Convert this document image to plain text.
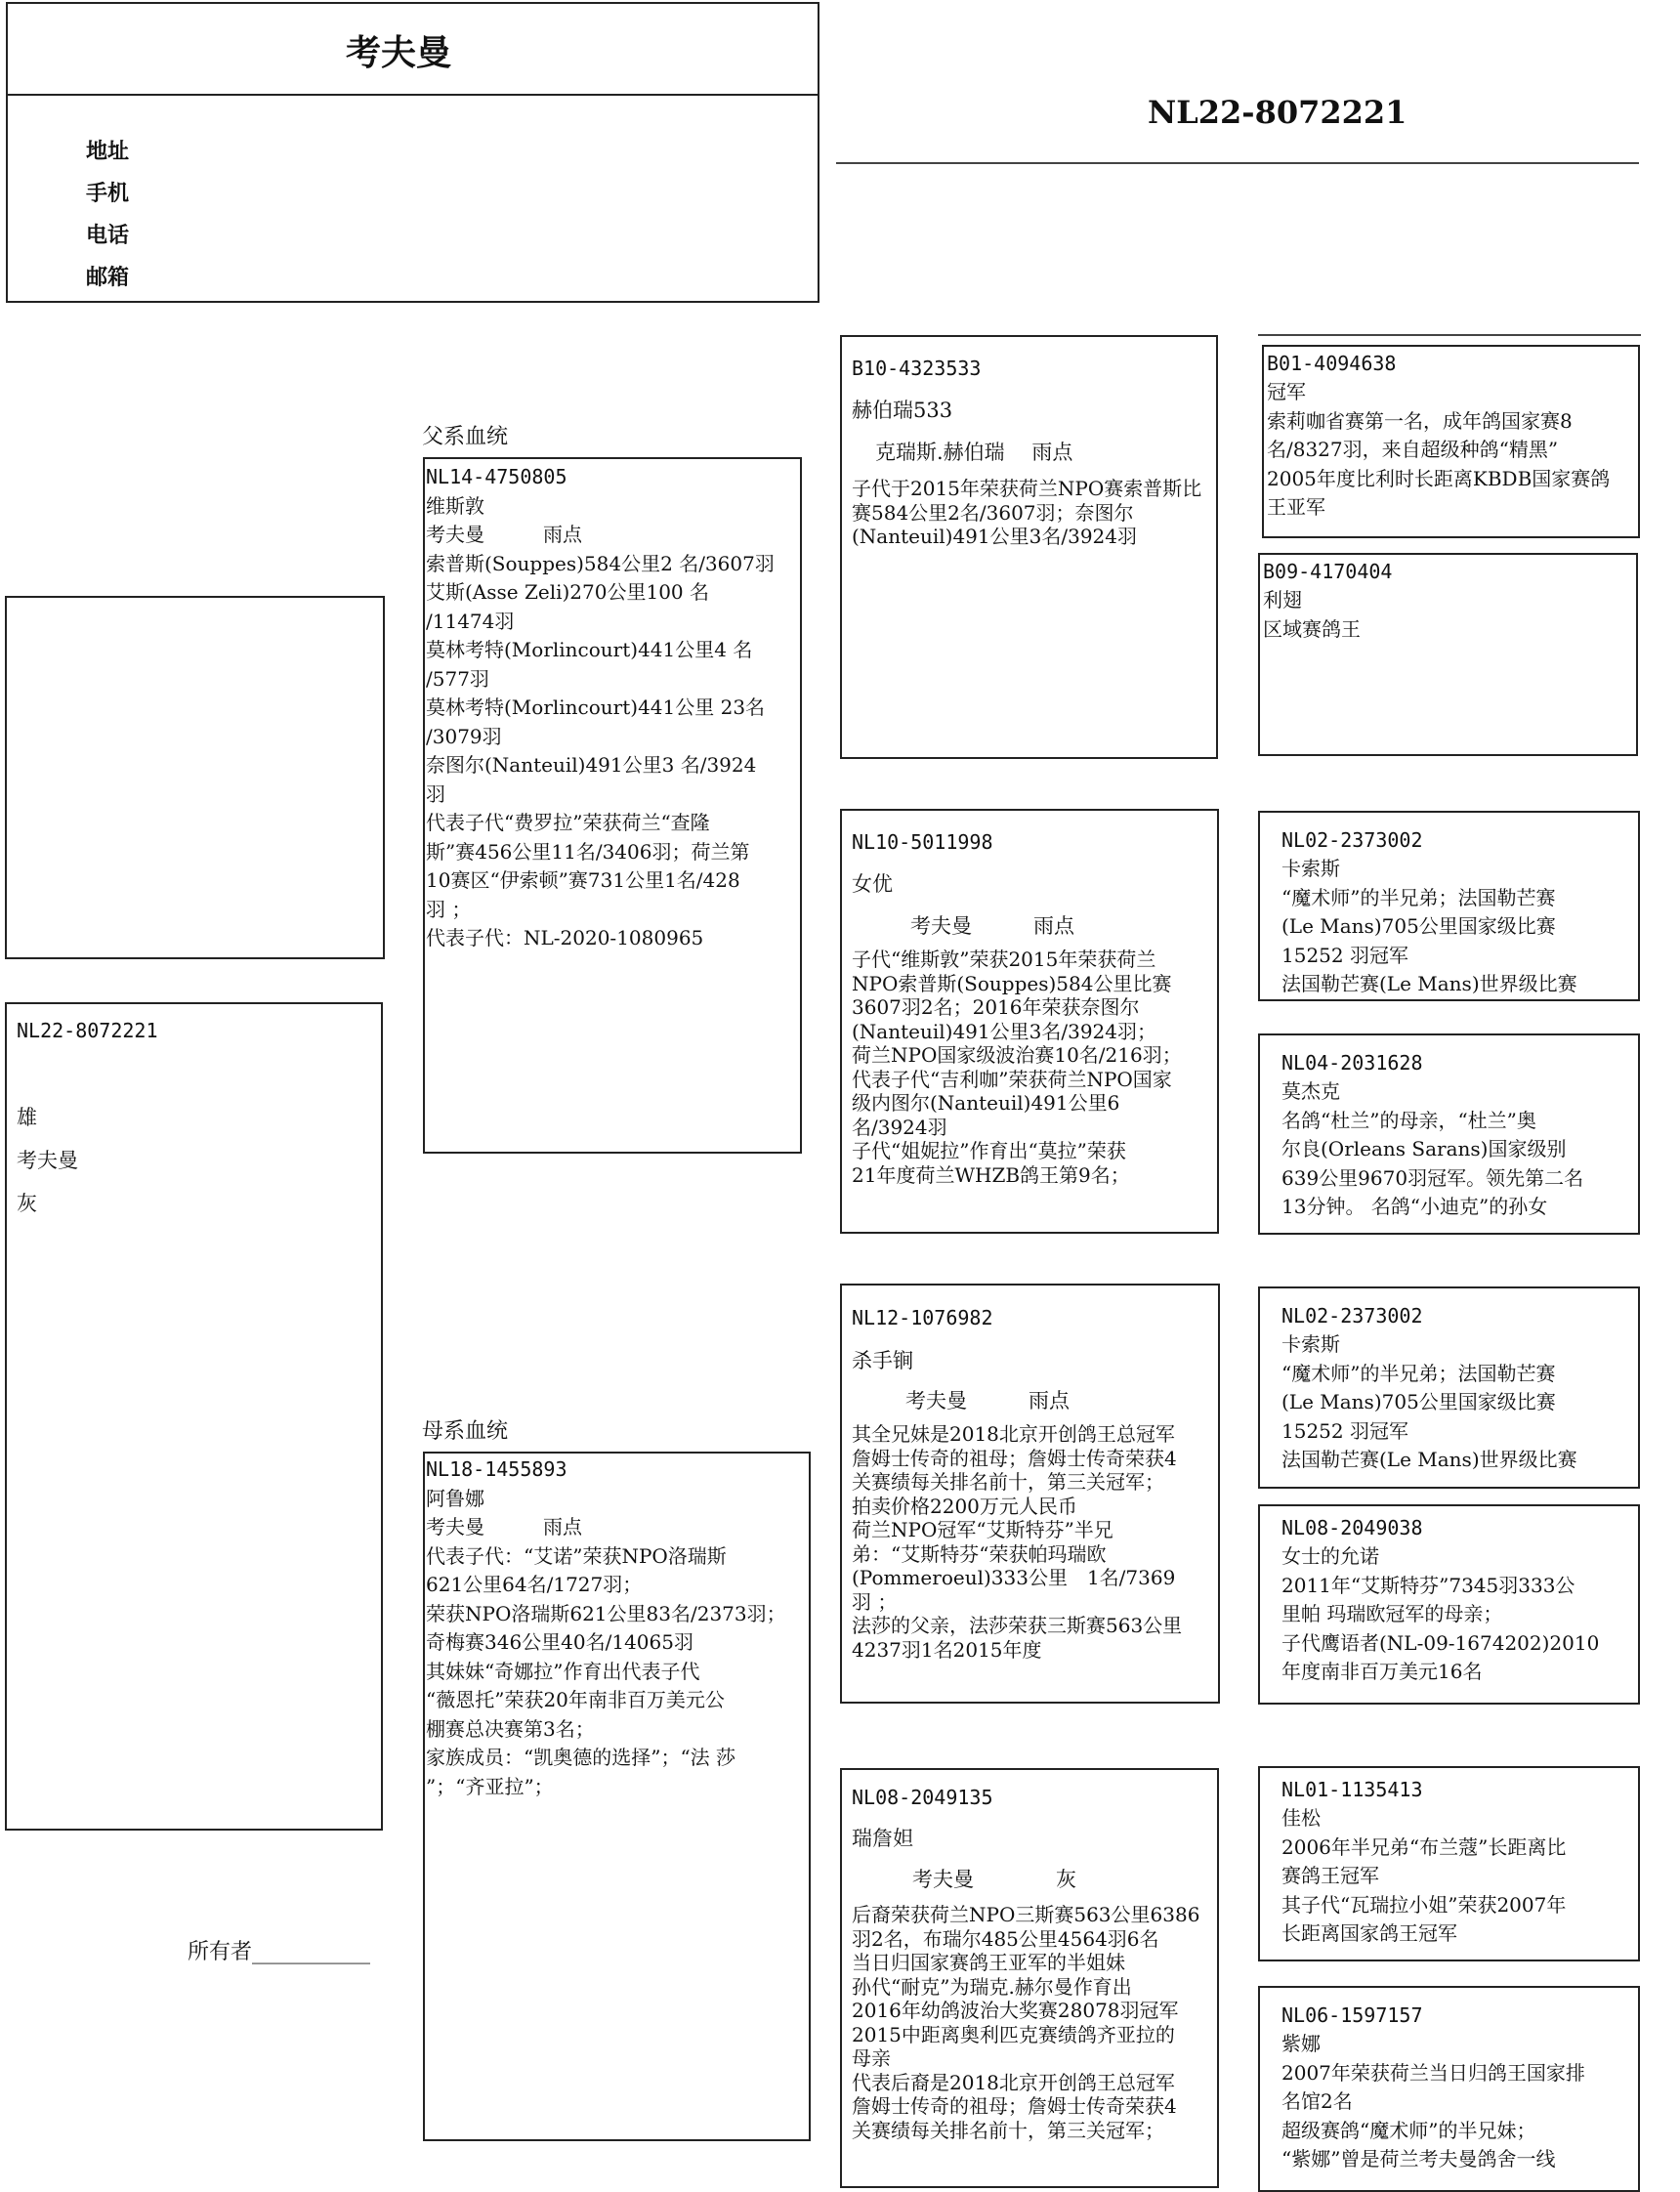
考夫曼
地址
手机
电话
邮箱
NL22-8072221
NL22-8072221
雄
考夫曼
灰
所有者___________
父系血统
NL14-4750805
维斯敦
考夫曼　　　雨点
索普斯(Souppes)584公里2 名/3607羽
艾斯(Asse Zeli)270公里100 名
/11474羽
莫林考特(Morlincourt)441公里4 名
/577羽
莫林考特(Morlincourt)441公里 23名
/3079羽
奈图尔(Nanteuil)491公里3 名/3924
羽
代表子代“费罗拉”荣获荷兰“查隆
斯”赛456公里11名/3406羽；荷兰第
10赛区“伊索顿”赛731公里1名/428
羽 ；
代表子代：NL-2020-1080965
母系血统
NL18-1455893
阿鲁娜
考夫曼　　　雨点
代表子代：“艾诺”荣获NPO洛瑞斯
621公里64名/1727羽；
荣获NPO洛瑞斯621公里83名/2373羽；
奇梅赛346公里40名/14065羽
其妹妹“奇娜拉”作育出代表子代
“薇恩托”荣获20年南非百万美元公
棚赛总决赛第3名；
家族成员：“凯奥德的选择”；“法 莎
”；“齐亚拉”；
B10-4323533
赫伯瑞533
克瑞斯.赫伯瑞　 雨点
子代于2015年荣获荷兰NPO赛索普斯比
赛584公里2名/3607羽；奈图尔
(Nanteuil)491公里3名/3924羽
NL10-5011998
女优
考夫曼　　　雨点
子代“维斯敦”荣获2015年荣获荷兰
NPO索普斯(Souppes)584公里比赛
3607羽2名；2016年荣获奈图尔
(Nanteuil)491公里3名/3924羽；
荷兰NPO国家级波治赛10名/216羽；
代表子代“吉利咖”荣获荷兰NPO国家
级内图尔(Nanteuil)491公里6
名/3924羽
子代“姐妮拉”作育出“莫拉”荣获
21年度荷兰WHZB鸽王第9名；
NL12-1076982
杀手锏
考夫曼　　　雨点
其全兄妹是2018北京开创鸽王总冠军
詹姆士传奇的祖母；詹姆士传奇荣获4
关赛绩每关排名前十，第三关冠军；
拍卖价格2200万元人民币
荷兰NPO冠军“艾斯特芬”半兄
弟：“艾斯特芬“荣获帕玛瑞欧
(Pommeroeul)333公里　1名/7369
羽 ；
法莎的父亲，法莎荣获三斯赛563公里
4237羽1名2015年度
NL08-2049135
瑞詹妲
考夫曼　　　　灰
后裔荣获荷兰NPO三斯赛563公里6386
羽2名，布瑞尔485公里4564羽6名
当日归国家赛鸽王亚军的半姐妹
孙代“耐克”为瑞克.赫尔曼作育出
2016年幼鸽波治大奖赛28078羽冠军
2015中距离奥利匹克赛绩鸽齐亚拉的
母亲
代表后裔是2018北京开创鸽王总冠军
詹姆士传奇的祖母；詹姆士传奇荣获4
关赛绩每关排名前十，第三关冠军；
B01-4094638
冠军
索莉咖省赛第一名，成年鸽国家赛8
名/8327羽，来自超级种鸽“精黑”
2005年度比利时长距离KBDB国家赛鸽
王亚军
B09-4170404
利翅
区域赛鸽王
NL02-2373002
卡索斯
“魔术师”的半兄弟；法国勒芒赛
(Le Mans)705公里国家级比赛
15252 羽冠军
法国勒芒赛(Le Mans)世界级比赛
NL04-2031628
莫杰克
名鸽“杜兰”的母亲，“杜兰”奥
尔良(Orleans Sarans)国家级别
639公里9670羽冠军。领先第二名
13分钟。 名鸽“小迪克”的孙女
NL02-2373002
卡索斯
“魔术师”的半兄弟；法国勒芒赛
(Le Mans)705公里国家级比赛
15252 羽冠军
法国勒芒赛(Le Mans)世界级比赛
NL08-2049038
女士的允诺
2011年“艾斯特芬”7345羽333公
里帕 玛瑞欧冠军的母亲；
子代鹰语者(NL-09-1674202)2010
年度南非百万美元16名
NL01-1135413
佳松
2006年半兄弟“布兰蔻”长距离比
赛鸽王冠军
其子代“瓦瑞拉小姐”荣获2007年
长距离国家鸽王冠军
NL06-1597157
紫娜
2007年荣获荷兰当日归鸽王国家排
名馆2名
超级赛鸽“魔术师”的半兄妹；
“紫娜”曾是荷兰考夫曼鸽舍一线
